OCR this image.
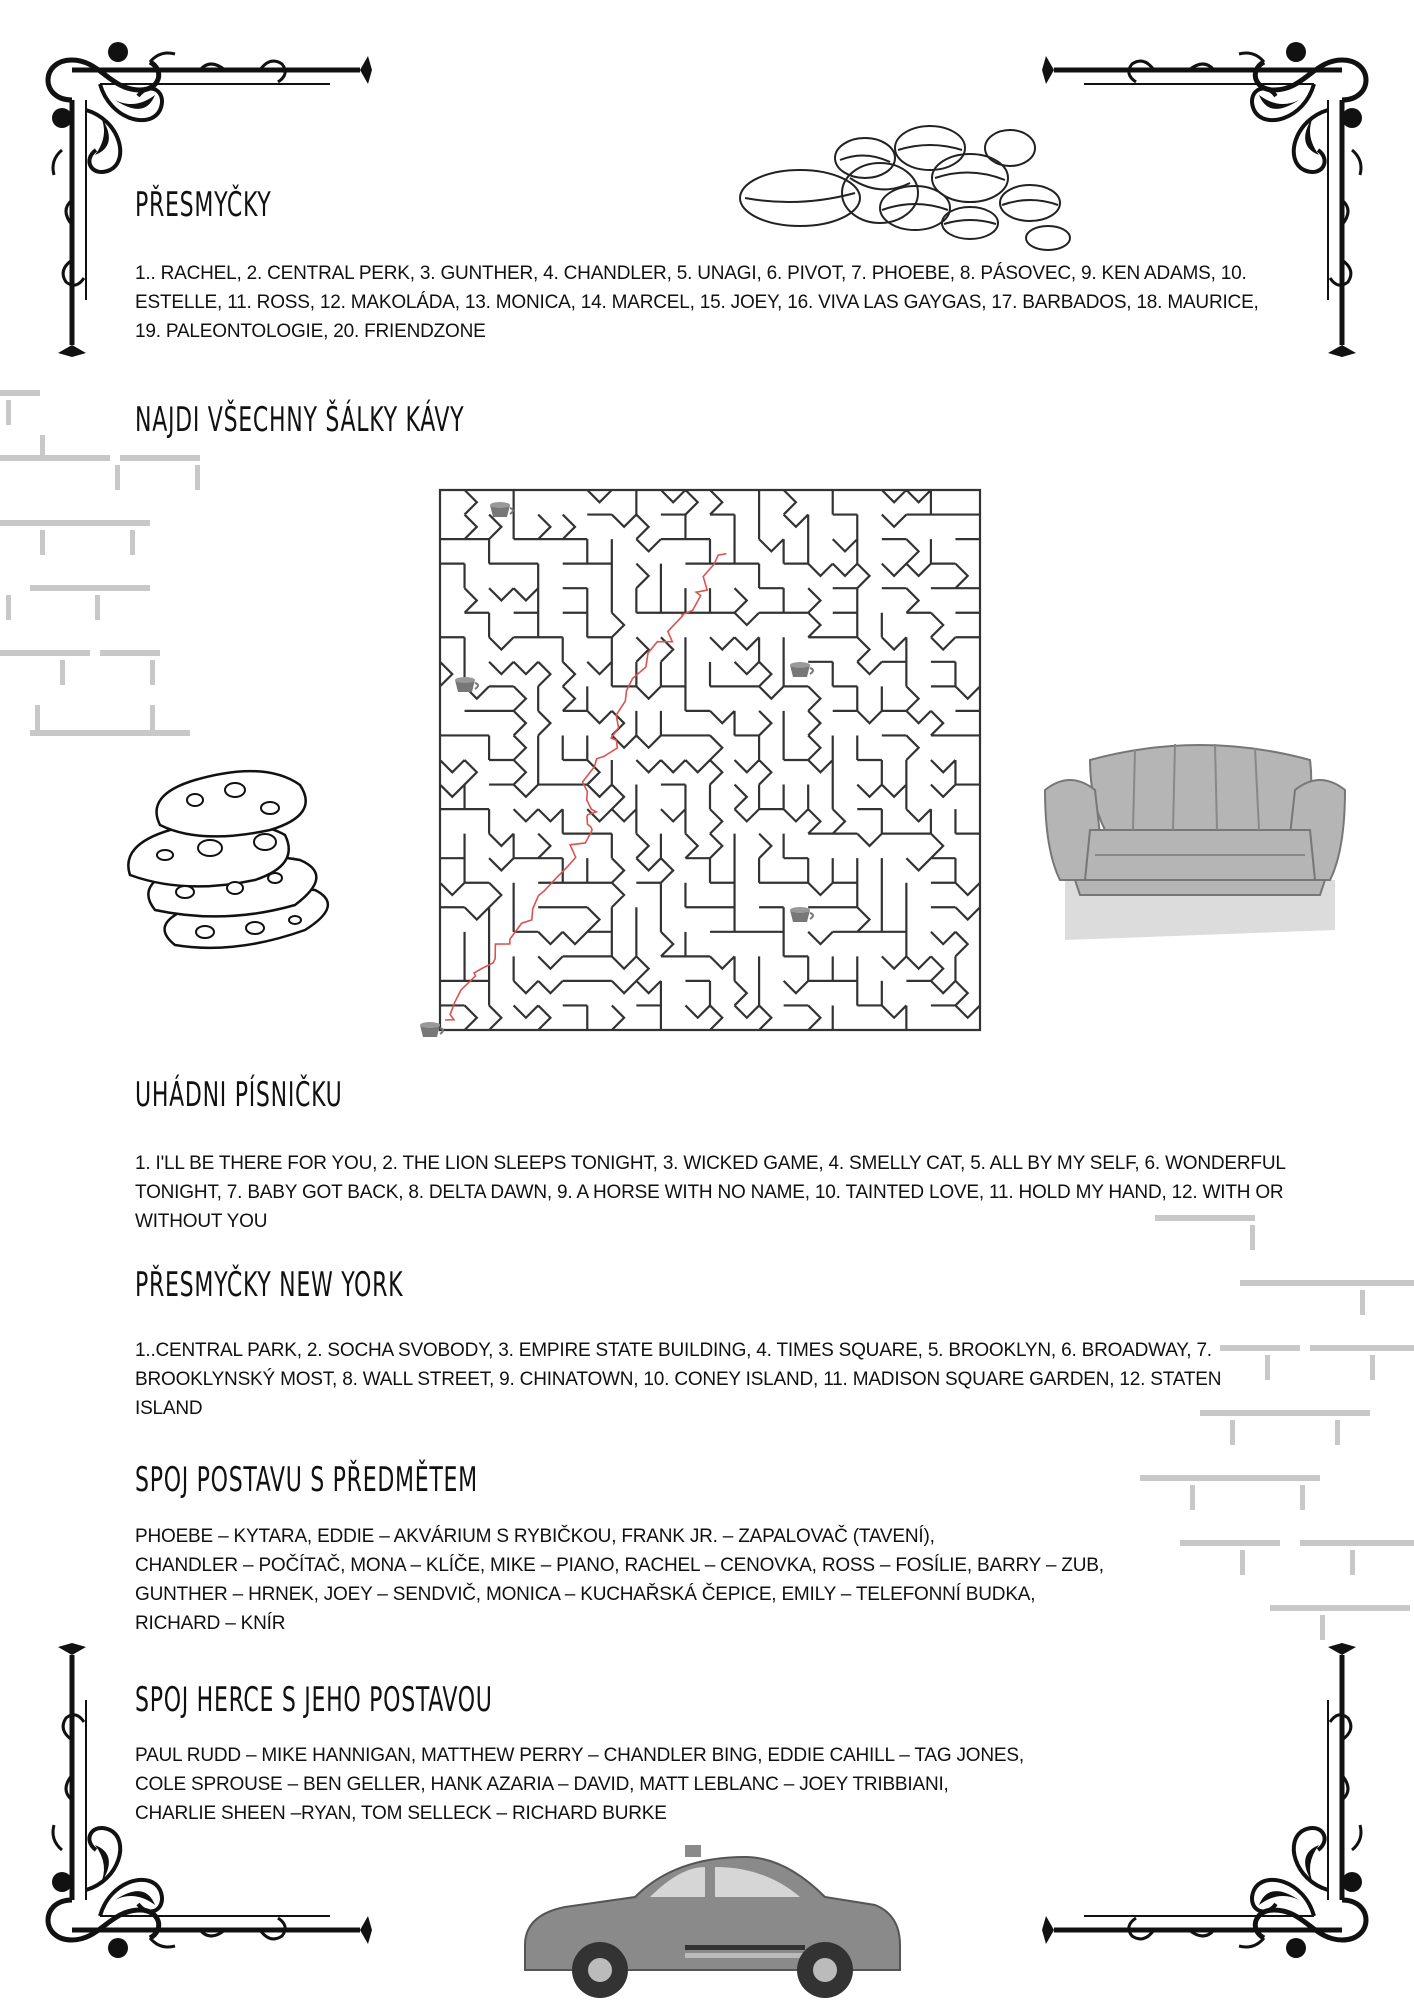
PŘESMYČKY

1.. RACHEL, 2. CENTRAL PERK, 3. GUNTHER, 4. CHANDLER, 5. UNAGI, 6. PIVOT, 7. PHOEBE, 8. PÁSOVEC, 9. KEN ADAMS, 10. ESTELLE, 11. ROSS, 12. MAKOLÁDA, 13. MONICA, 14. MARCEL, 15. JOEY, 16. VIVA LAS GAYGAS, 17. BARBADOS, 18. MAURICE, 19. PALEONTOLOGIE, 20. FRIENDZONE

NAJDI VŠECHNY ŠÁLKY KÁVY
UHÁDNI PÍSNIČKU

1. I'LL BE THERE FOR YOU, 2. THE LION SLEEPS TONIGHT, 3. WICKED GAME, 4. SMELLY CAT, 5. ALL BY MY SELF, 6. WONDERFUL TONIGHT, 7. BABY GOT BACK, 8. DELTA DAWN, 9. A HORSE WITH NO NAME, 10. TAINTED LOVE, 11. HOLD MY HAND, 12. WITH OR WITHOUT YOU

PŘESMYČKY NEW YORK

1..CENTRAL PARK, 2. SOCHA SVOBODY, 3. EMPIRE STATE BUILDING, 4. TIMES SQUARE, 5. BROOKLYN, 6. BROADWAY, 7. BROOKLYNSKÝ MOST, 8. WALL STREET, 9. CHINATOWN, 10. CONEY ISLAND, 11. MADISON SQUARE GARDEN, 12. STATEN ISLAND

SPOJ POSTAVU S PŘEDMĚTEM
PHOEBE – KYTARA, EDDIE – AKVÁRIUM S RYBIČKOU, FRANK JR. – ZAPALOVAČ (TAVENÍ),
CHANDLER – POČÍTAČ, MONA – KLÍČE, MIKE – PIANO, RACHEL – CENOVKA, ROSS – FOSÍLIE, BARRY – ZUB,
GUNTHER – HRNEK, JOEY – SENDVIČ, MONICA – KUCHAŘSKÁ ČEPICE, EMILY – TELEFONNÍ BUDKA,
RICHARD – KNÍR
SPOJ HERCE S JEHO POSTAVOU
PAUL RUDD – MIKE HANNIGAN, MATTHEW PERRY – CHANDLER BING, EDDIE CAHILL – TAG JONES,
COLE SPROUSE – BEN GELLER, HANK AZARIA – DAVID, MATT LEBLANC – JOEY TRIBBIANI,
CHARLIE SHEEN –RYAN, TOM SELLECK – RICHARD BURKE
